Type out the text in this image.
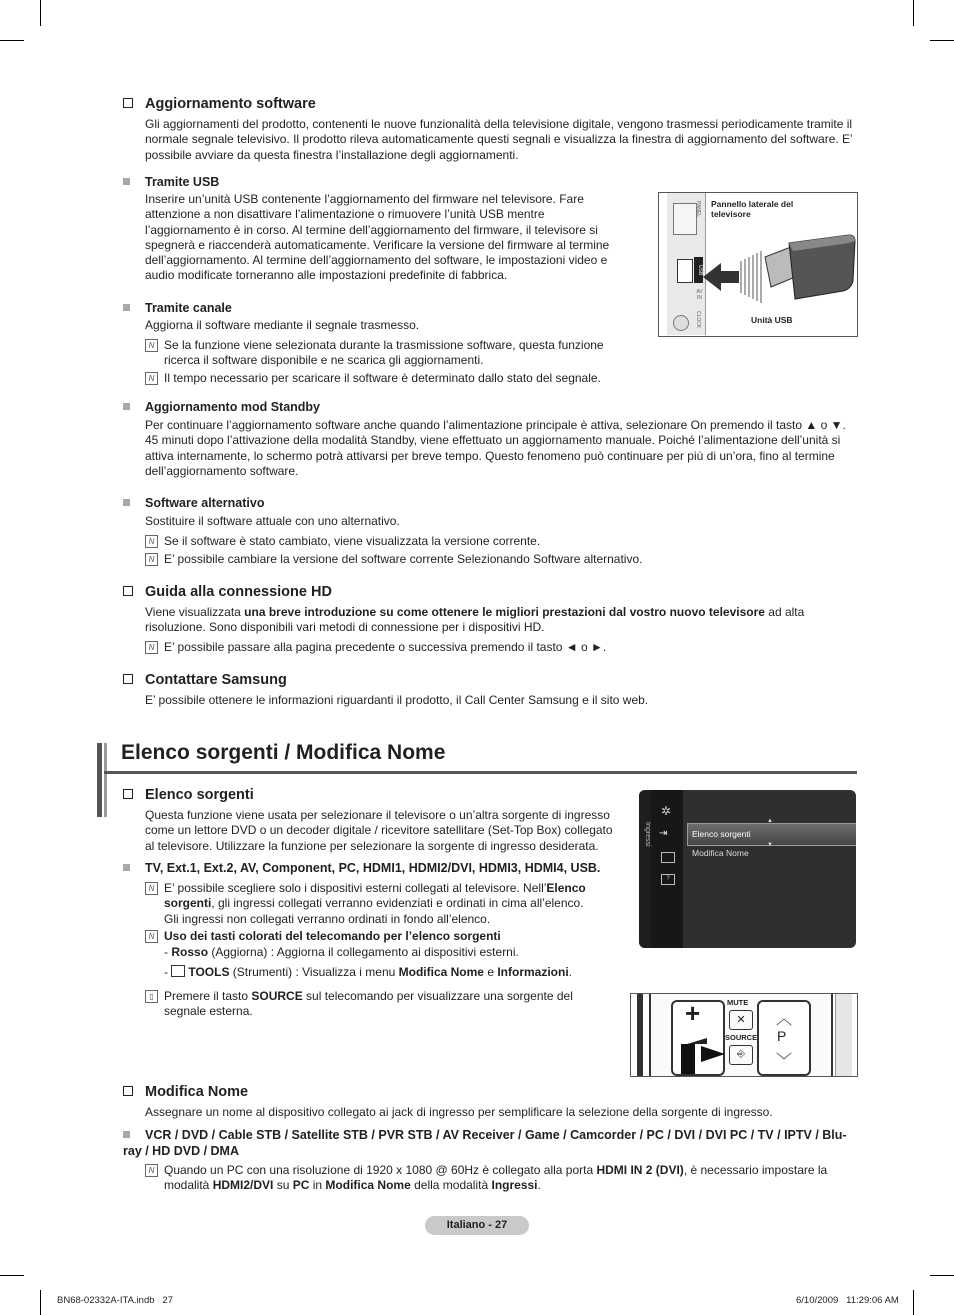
Aggiornamento software

Gli aggiornamenti del prodotto, contenenti le nuove funzionalità della televisione digitale, vengono trasmessi periodicamente tramite il normale segnale televisivo. Il prodotto rileva automaticamente questi segnali e visualizza la finestra di aggiornamento del software. E’ possibile avviare da questa finestra l’installazione degli aggiornamenti.

Tramite USB

Inserire un’unità USB contenente l’aggiornamento del firmware nel televisore. Fare attenzione a non disattivare l’alimentazione o rimuovere l’unità USB mentre l’aggiornamento è in corso. Al termine dell’aggiornamento del firmware, il televisore si spegnerà e riaccenderà automaticamente. Verificare la versione del firmware al termine dell’aggiornamento. Al termine dell’aggiornamento del software, le impostazioni video e audio modificate torneranno alle impostazioni predefinite di fabbrica.

PANEL
USB
AV IN
CLOCK
Pannello laterale del televisore
Unità USB
Tramite canale

Aggiorna il software mediante il segnale trasmesso.

N Se la funzione viene selezionata durante la trasmissione software, questa funzione ricerca il software disponibile e ne scarica gli aggiornamenti.
N Il tempo necessario per scaricare il software è determinato dallo stato del segnale.
Aggiornamento mod Standby

Per continuare l’aggiornamento software anche quando l’alimentazione principale è attiva, selezionare On premendo il tasto ▲ o ▼. 45 minuti dopo l’attivazione della modalità Standby, viene effettuato un aggiornamento manuale. Poiché l’alimentazione dell’unità si attiva internamente, lo schermo potrà attivarsi per breve tempo. Questo fenomeno può continuare per più di un’ora, fino al termine dell’aggiornamento software.

Software alternativo

Sostituire il software attuale con uno alternativo.

N Se il software è stato cambiato, viene visualizzata la versione corrente.
N E’ possibile cambiare la versione del software corrente Selezionando Software alternativo.
Guida alla connessione HD

Viene visualizzata una breve introduzione su come ottenere le migliori prestazioni dal vostro nuovo televisore ad alta risoluzione. Sono disponibili vari metodi di connessione per i dispositivi HD.

N E’ possibile passare alla pagina precedente o successiva premendo il tasto ◄ o ►.
Contattare Samsung

E’ possibile ottenere le informazioni riguardanti il prodotto, il Call Center Samsung e il sito web.

Elenco sorgenti / Modifica Nome
Elenco sorgenti

Questa funzione viene usata per selezionare il televisore o un’altra sorgente di ingresso come un lettore DVD o un decoder digitale / ricevitore satellitare (Set-Top Box) collegato al televisore. Utilizzare la funzione per selezionare la sorgente di ingresso desiderata.

TV, Ext.1, Ext.2, AV, Component, PC, HDMI1, HDMI2/DVI, HDMI3, HDMI4, USB.
N E’ possibile scegliere solo i dispositivi esterni collegati al televisore. Nell’Elenco sorgenti, gli ingressi collegati verranno evidenziati e ordinati in cima all’elenco. Gli ingressi non collegati verranno ordinati in fondo all’elenco.
N Uso dei tasti colorati del telecomando per l’elenco sorgenti
- Rosso (Aggiorna) : Aggiorna il collegamento ai dispositivi esterni.
- TOOLS (Strumenti) : Visualizza i menu Modifica Nome e Informazioni.
▯ Premere il tasto SOURCE sul telecomando per visualizzare una sorgente del segnale esterna.
✲
⇥
?
Ingressi	Elenco sorgenti
Modifica Nome
▲
▼
+	MUTE
✕
SOURCE
⎆
︿
P
﹀
Modifica Nome

Assegnare un nome al dispositivo collegato ai jack di ingresso per semplificare la selezione della sorgente di ingresso.

VCR / DVD / Cable STB / Satellite STB / PVR STB / AV Receiver / Game / Camcorder / PC / DVI / DVI PC / TV / IPTV / Blu-ray / HD DVD / DMA
N Quando un PC con una risoluzione di 1920 x 1080 @ 60Hz è collegato alla porta HDMI IN 2 (DVI), è necessario impostare la modalità HDMI2/DVI su PC in Modifica Nome della modalità Ingressi.
Italiano - 27
BN68-02332A-ITA.indb   27	6/10/2009   11:29:06 AM
